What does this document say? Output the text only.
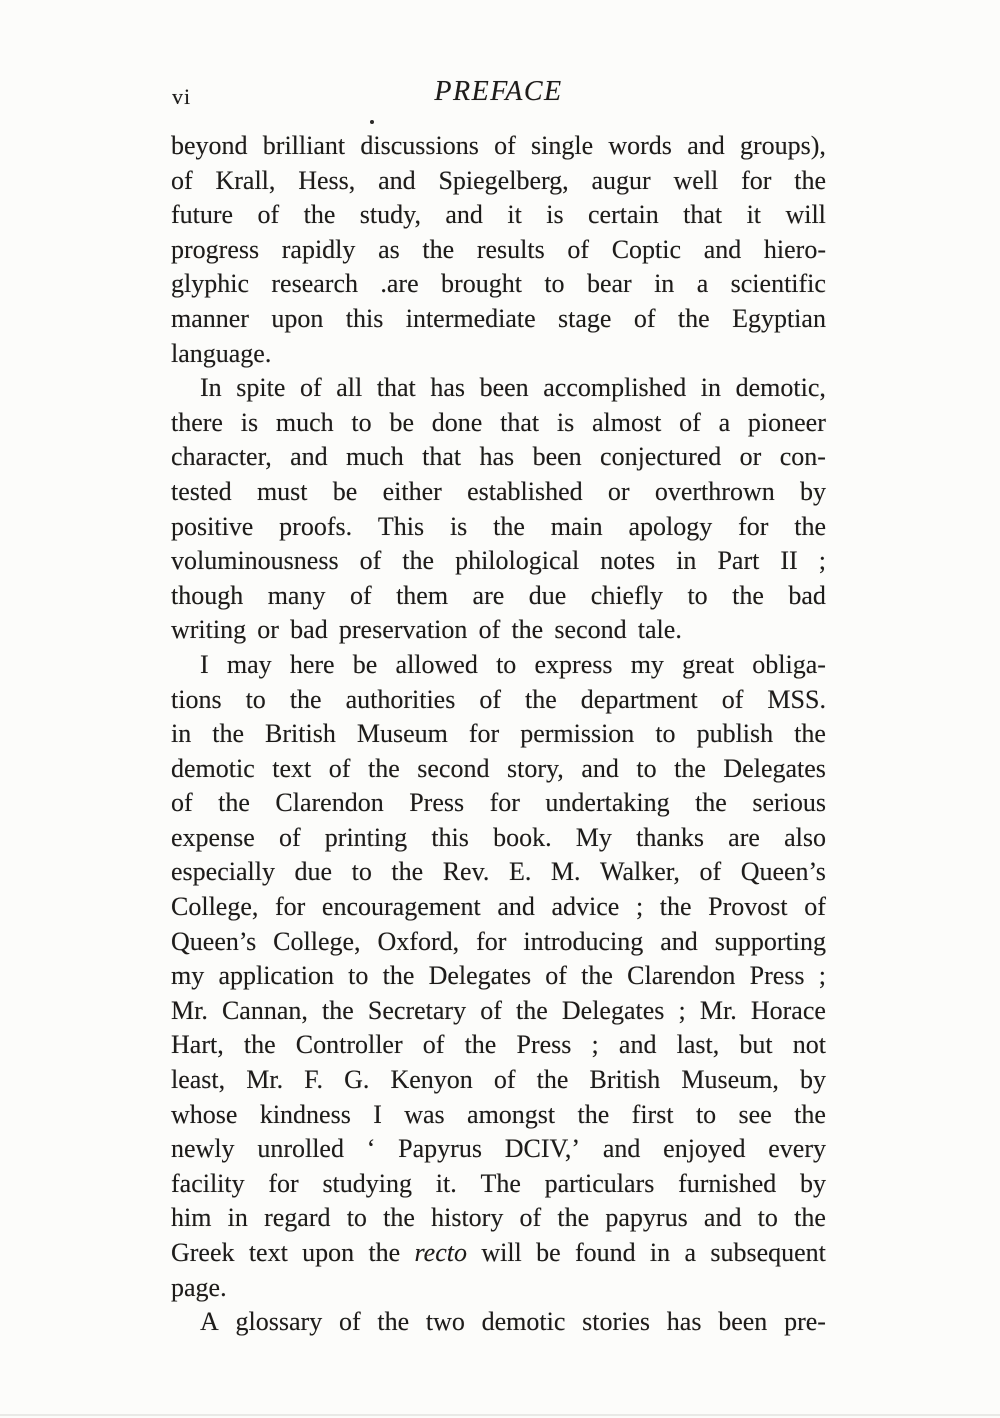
PREFACE
vi
beyond brilliant discussions of single words and groups),
of Krall, Hess, and Spiegelberg, augur well for the
future of the study, and it is certain that it will
progress rapidly as the results of Coptic and hiero-
glyphic research .are brought to bear in a scientific
manner upon this intermediate stage of the Egyptian
language.
In spite of all that has been accomplished in demotic,
there is much to be done that is almost of a pioneer
character, and much that has been conjectured or con-
tested must be either established or overthrown by
positive proofs. This is the main apology for the
voluminousness of the philological notes in Part II ;
though many of them are due chiefly to the bad
writing or bad preservation of the second tale.
I may here be allowed to express my great obliga-
tions to the authorities of the department of MSS.
in the British Museum for permission to publish the
demotic text of the second story, and to the Delegates
of the Clarendon Press for undertaking the serious
expense of printing this book. My thanks are also
especially due to the Rev. E. M. Walker, of Queen’s
College, for encouragement and advice ; the Provost of
Queen’s College, Oxford, for introducing and supporting
my application to the Delegates of the Clarendon Press ;
Mr. Cannan, the Secretary of the Delegates ; Mr. Horace
Hart, the Controller of the Press ; and last, but not
least, Mr. F. G. Kenyon of the British Museum, by
whose kindness I was amongst the first to see the
newly unrolled ‘ Papyrus DCIV,’ and enjoyed every
facility for studying it. The particulars furnished by
him in regard to the history of the papyrus and to the
Greek text upon the recto will be found in a subsequent
page.
A glossary of the two demotic stories has been pre-
